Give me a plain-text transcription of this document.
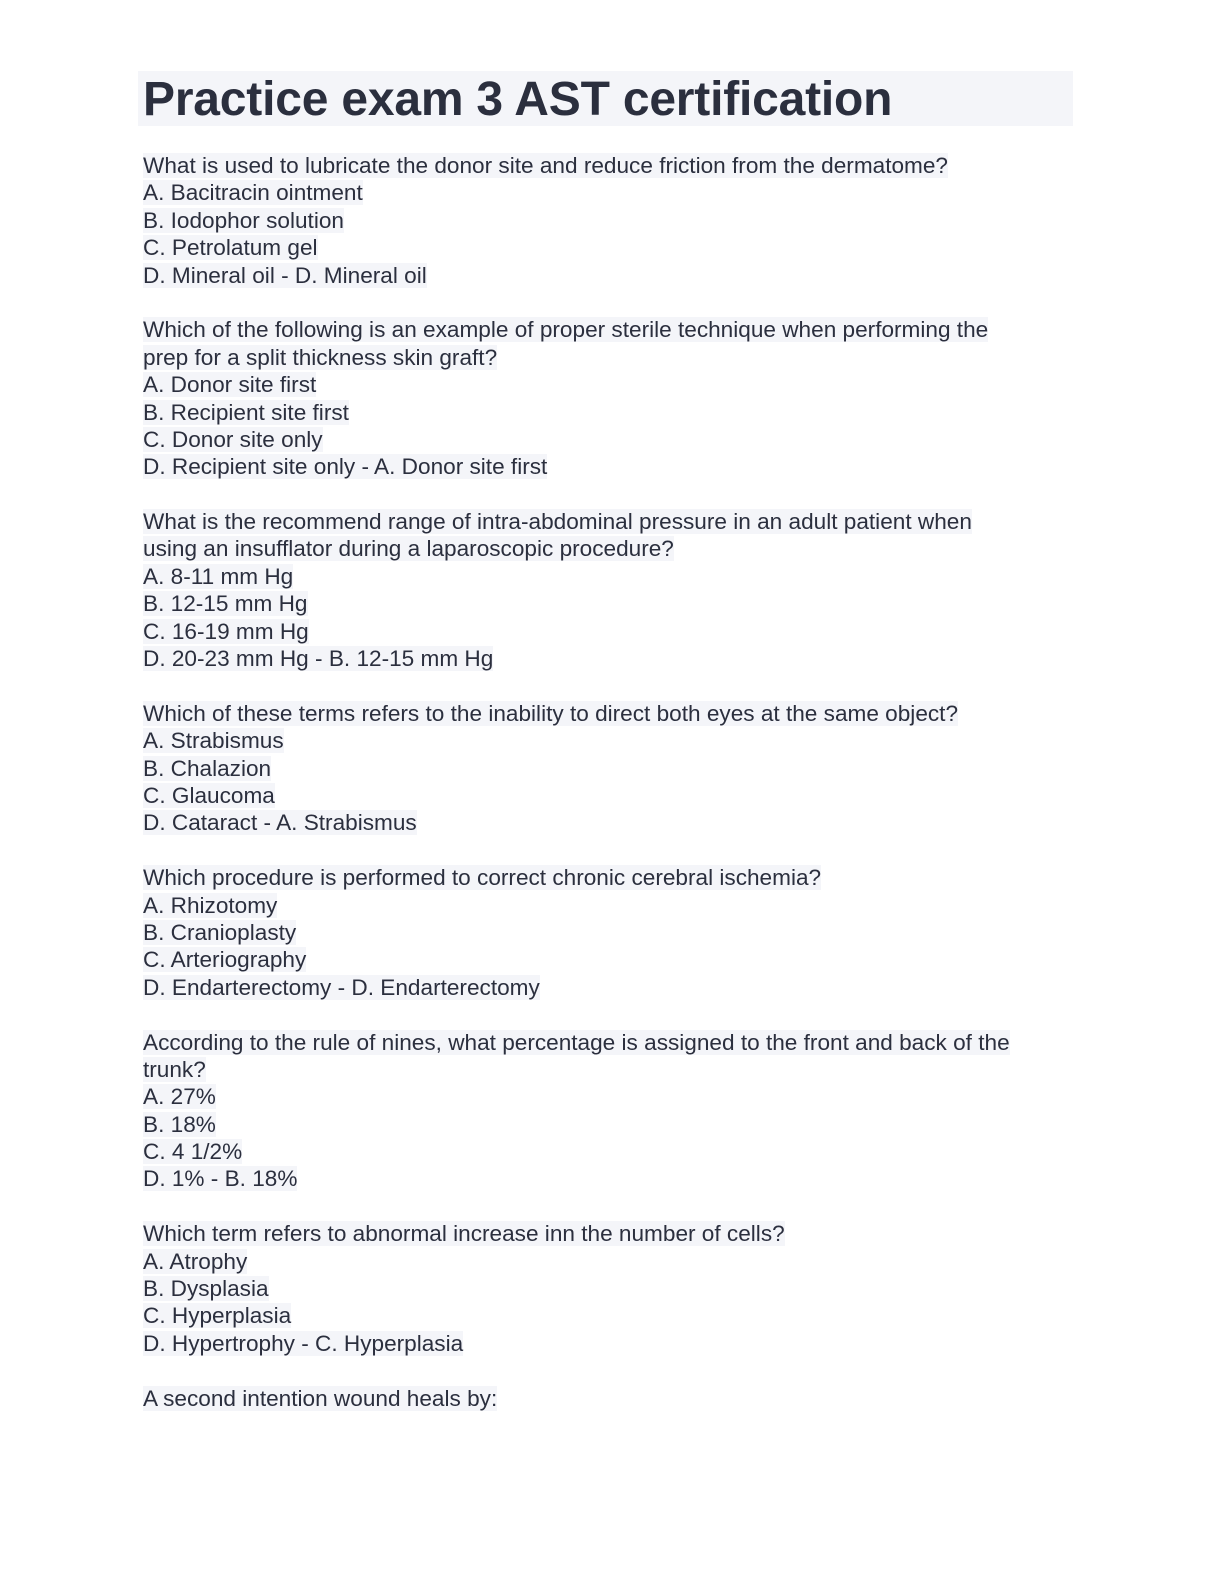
Practice exam 3 AST certification
What is used to lubricate the donor site and reduce friction from the dermatome?
A. Bacitracin ointment
B. Iodophor solution
C. Petrolatum gel
D. Mineral oil - D. Mineral oil
Which of the following is an example of proper sterile technique when performing the
prep for a split thickness skin graft?
A. Donor site first
B. Recipient site first
C. Donor site only
D. Recipient site only - A. Donor site first
What is the recommend range of intra-abdominal pressure in an adult patient when
using an insufflator during a laparoscopic procedure?
A. 8-11 mm Hg
B. 12-15 mm Hg
C. 16-19 mm Hg
D. 20-23 mm Hg - B. 12-15 mm Hg
Which of these terms refers to the inability to direct both eyes at the same object?
A. Strabismus
B. Chalazion
C. Glaucoma
D. Cataract - A. Strabismus
Which procedure is performed to correct chronic cerebral ischemia?
A. Rhizotomy
B. Cranioplasty
C. Arteriography
D. Endarterectomy - D. Endarterectomy
According to the rule of nines, what percentage is assigned to the front and back of the
trunk?
A. 27%
B. 18%
C. 4 1/2%
D. 1% - B. 18%
Which term refers to abnormal increase inn the number of cells?
A. Atrophy
B. Dysplasia
C. Hyperplasia
D. Hypertrophy - C. Hyperplasia
A second intention wound heals by:
